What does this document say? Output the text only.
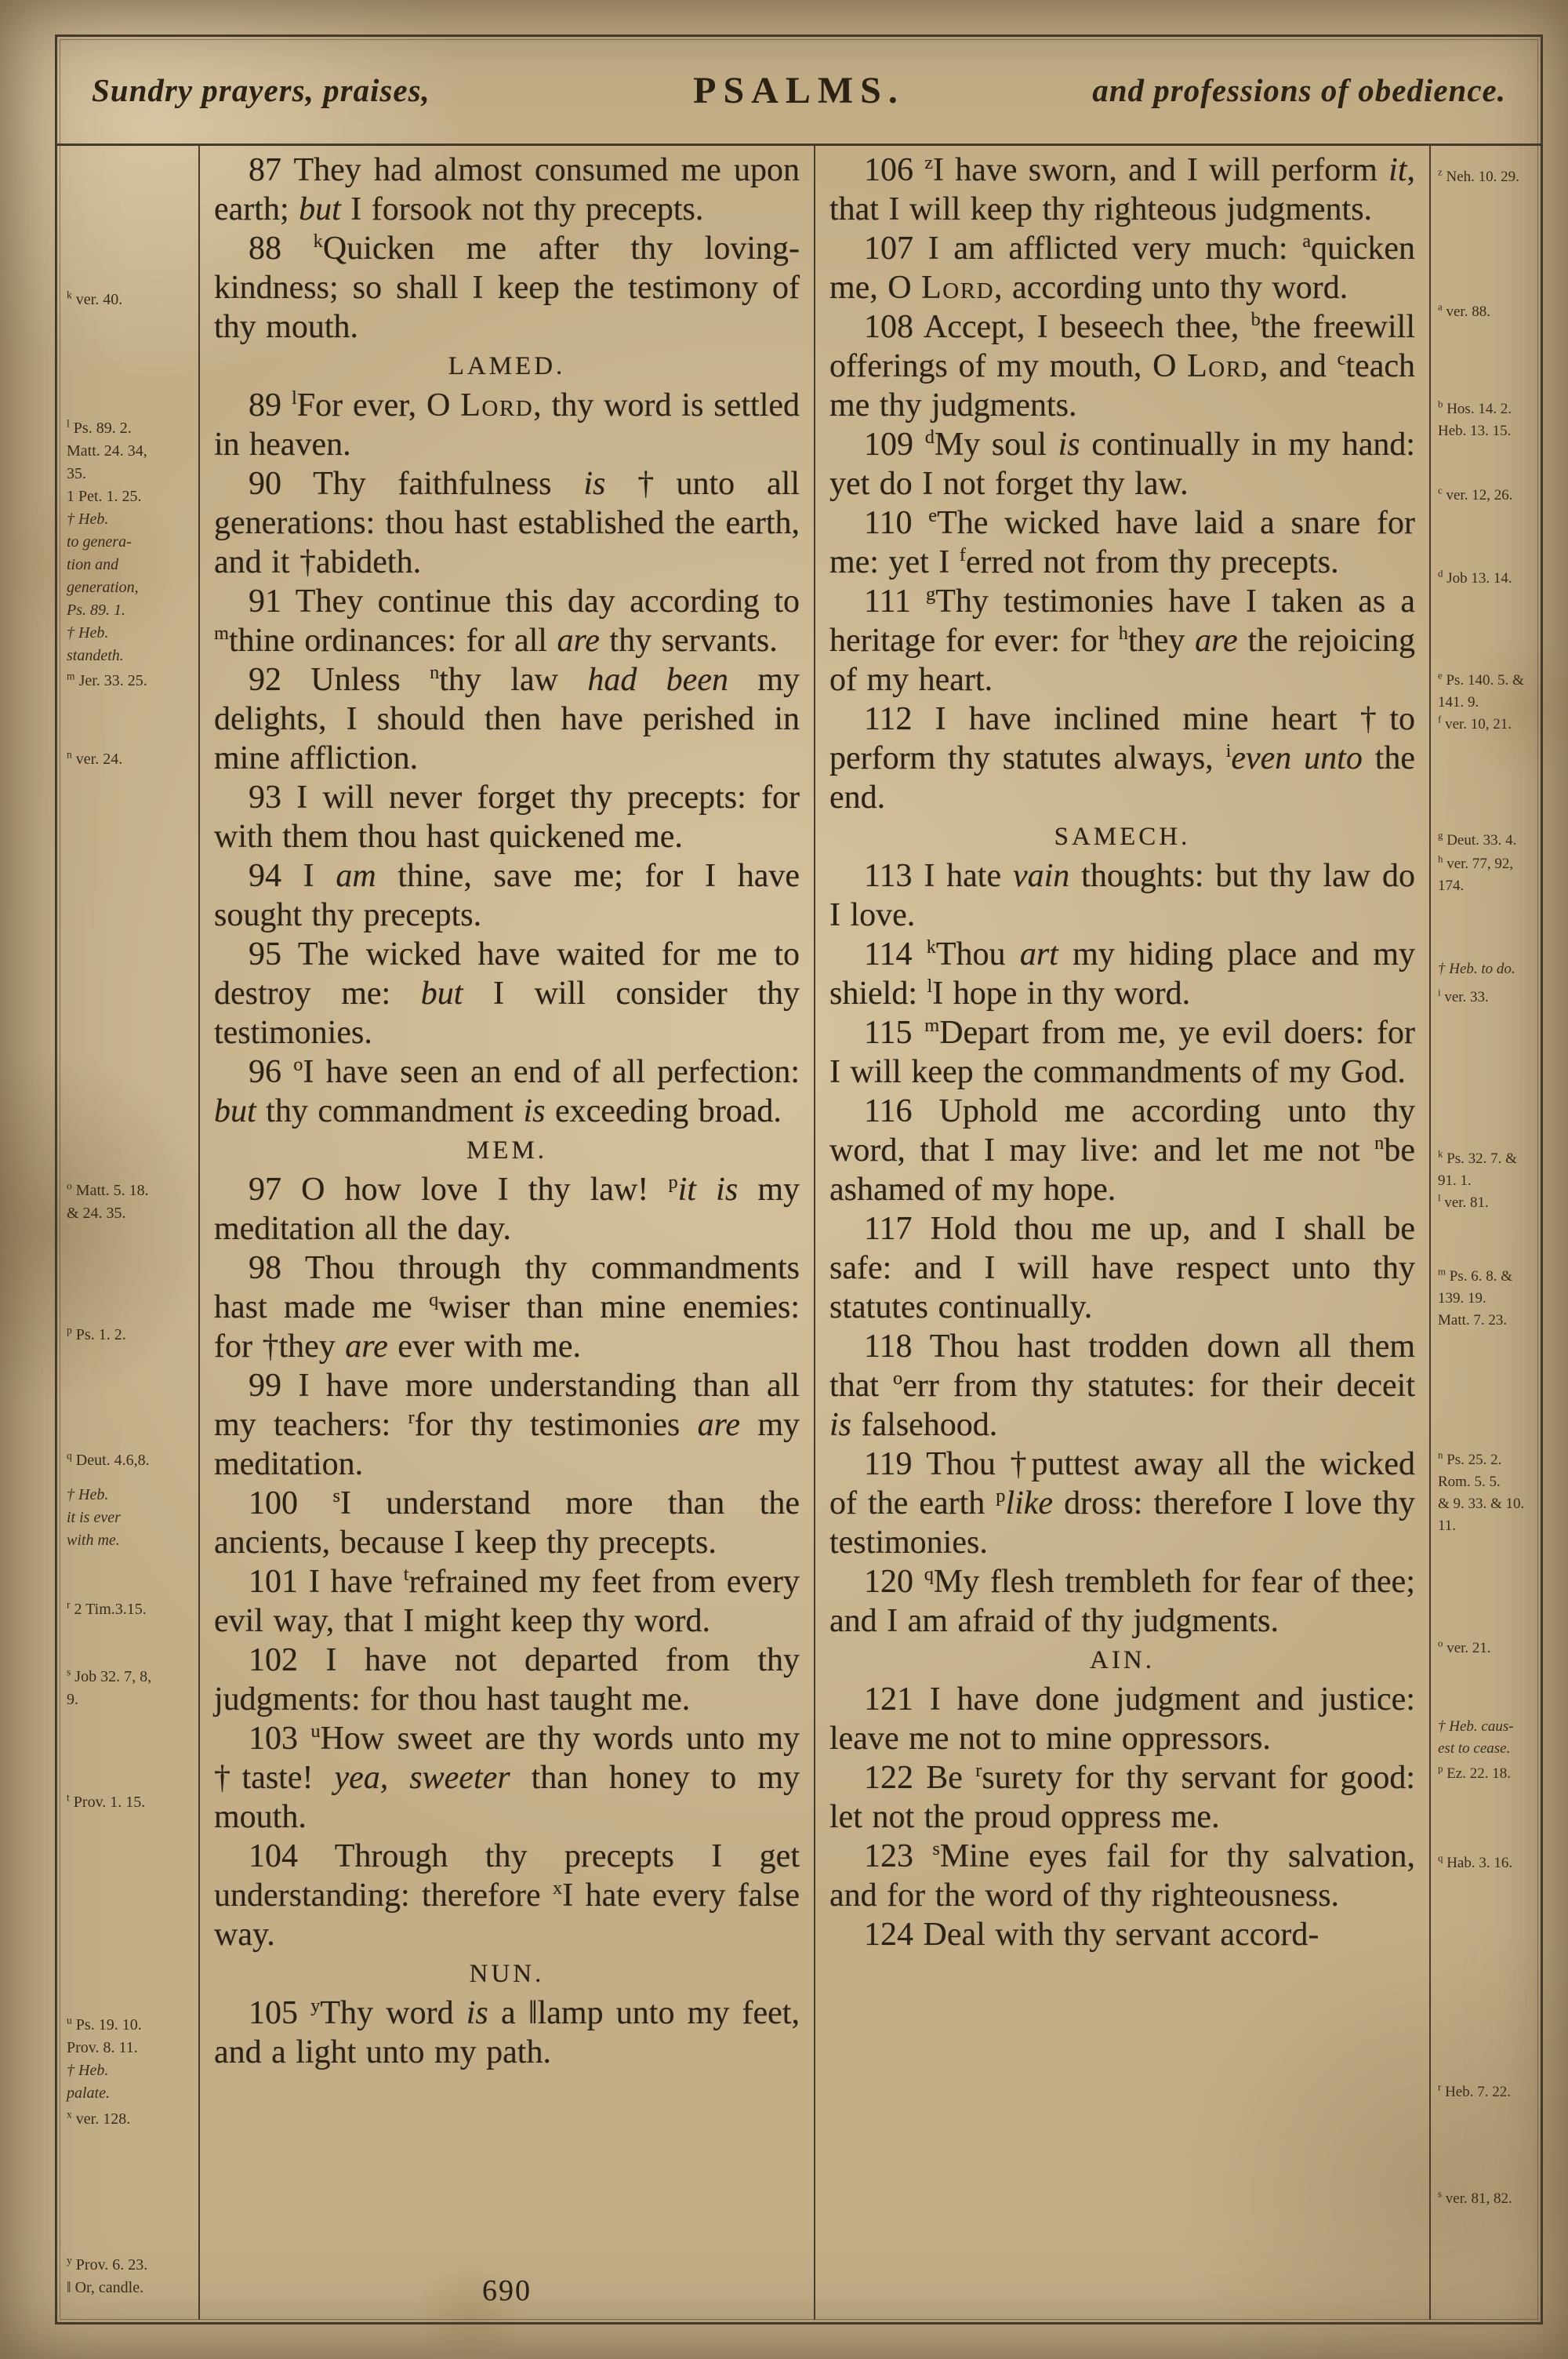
Sundry prayers, praises,	PSALMS.	and professions of obedience.
$^k$ ver. 40.
$^l$ Ps. 89. 2.
Matt. 24. 34,
35.
1 Pet. 1. 25.
† Heb.
to genera-
tion and
generation,
Ps. 89. 1.
† Heb.
standeth.
$^m$ Jer. 33. 25.
$^n$ ver. 24.
$^o$ Matt. 5. 18.
& 24. 35.
$^p$ Ps. 1. 2.
$^q$ Deut. 4.6,8.
† Heb.
it is ever
with me.
$^r$ 2 Tim.3.15.
$^s$ Job 32. 7, 8,
9.
$^t$ Prov. 1. 15.
$^u$ Ps. 19. 10.
Prov. 8. 11.
† Heb.
palate.
$^x$ ver. 128.
$^y$ Prov. 6. 23.
‖ Or, candle.

87 They had almost consumed me upon earth; but I forsook not thy precepts.

88 $^k$Quicken me after thy loving-kindness; so shall I keep the testimony of thy mouth.

LAMED.

89 $^l$For ever, O Lord, thy word is settled in heaven.

90 Thy faithfulness is †unto all generations: thou hast established the earth, and it †abideth.

91 They continue this day according to $^m$thine ordinances: for all are thy servants.

92 Unless $^n$thy law had been my delights, I should then have perished in mine affliction.

93 I will never forget thy precepts: for with them thou hast quickened me.

94 I am thine, save me; for I have sought thy precepts.

95 The wicked have waited for me to destroy me: but I will consider thy testimonies.

96 $^o$I have seen an end of all perfection: but thy commandment is exceeding broad.

MEM.

97 O how love I thy law! $^p$it is my meditation all the day.

98 Thou through thy commandments hast made me $^q$wiser than mine enemies: for †they are ever with me.

99 I have more understanding than all my teachers: $^r$for thy testimonies are my meditation.

100 $^s$I understand more than the ancients, because I keep thy precepts.

101 I have $^t$refrained my feet from every evil way, that I might keep thy word.

102 I have not departed from thy judgments: for thou hast taught me.

103 $^u$How sweet are thy words unto my †taste! yea, sweeter than honey to my mouth.

104 Through thy precepts I get understanding: therefore $^x$I hate every false way.

NUN.

105 $^y$Thy word is a ‖lamp unto my feet, and a light unto my path.

690

106 $^z$I have sworn, and I will perform it, that I will keep thy righteous judgments.

107 I am afflicted very much: $^a$quicken me, O Lord, according unto thy word.

108 Accept, I beseech thee, $^b$the freewill offerings of my mouth, O Lord, and $^c$teach me thy judgments.

109 $^d$My soul is continually in my hand: yet do I not forget thy law.

110 $^e$The wicked have laid a snare for me: yet I $^f$erred not from thy precepts.

111 $^g$Thy testimonies have I taken as a heritage for ever: for $^h$they are the rejoicing of my heart.

112 I have inclined mine heart †to perform thy statutes always, $^i$even unto the end.

SAMECH.

113 I hate vain thoughts: but thy law do I love.

114 $^k$Thou art my hiding place and my shield: $^l$I hope in thy word.

115 $^m$Depart from me, ye evil doers: for I will keep the commandments of my God.

116 Uphold me according unto thy word, that I may live: and let me not $^n$be ashamed of my hope.

117 Hold thou me up, and I shall be safe: and I will have respect unto thy statutes continually.

118 Thou hast trodden down all them that $^o$err from thy statutes: for their deceit is falsehood.

119 Thou †puttest away all the wicked of the earth $^p$like dross: therefore I love thy testimonies.

120 $^q$My flesh trembleth for fear of thee; and I am afraid of thy judgments.

AIN.

121 I have done judgment and justice: leave me not to mine oppressors.

122 Be $^r$surety for thy servant for good: let not the proud oppress me.

123 $^s$Mine eyes fail for thy salvation, and for the word of thy righteousness.

124 Deal with thy servant accord-

$^z$ Neh. 10. 29.
$^a$ ver. 88.
$^b$ Hos. 14. 2.
Heb. 13. 15.
$^c$ ver. 12, 26.
$^d$ Job 13. 14.
$^e$ Ps. 140. 5. &
141. 9.
$^f$ ver. 10, 21.
$^g$ Deut. 33. 4.
$^h$ ver. 77, 92,
174.
† Heb. to do.
$^i$ ver. 33.
$^k$ Ps. 32. 7. &
91. 1.
$^l$ ver. 81.
$^m$ Ps. 6. 8. &
139. 19.
Matt. 7. 23.
$^n$ Ps. 25. 2.
Rom. 5. 5.
& 9. 33. & 10.
11.
$^o$ ver. 21.
† Heb. caus-
est to cease.
$^p$ Ez. 22. 18.
$^q$ Hab. 3. 16.
$^r$ Heb. 7. 22.
$^s$ ver. 81, 82.
